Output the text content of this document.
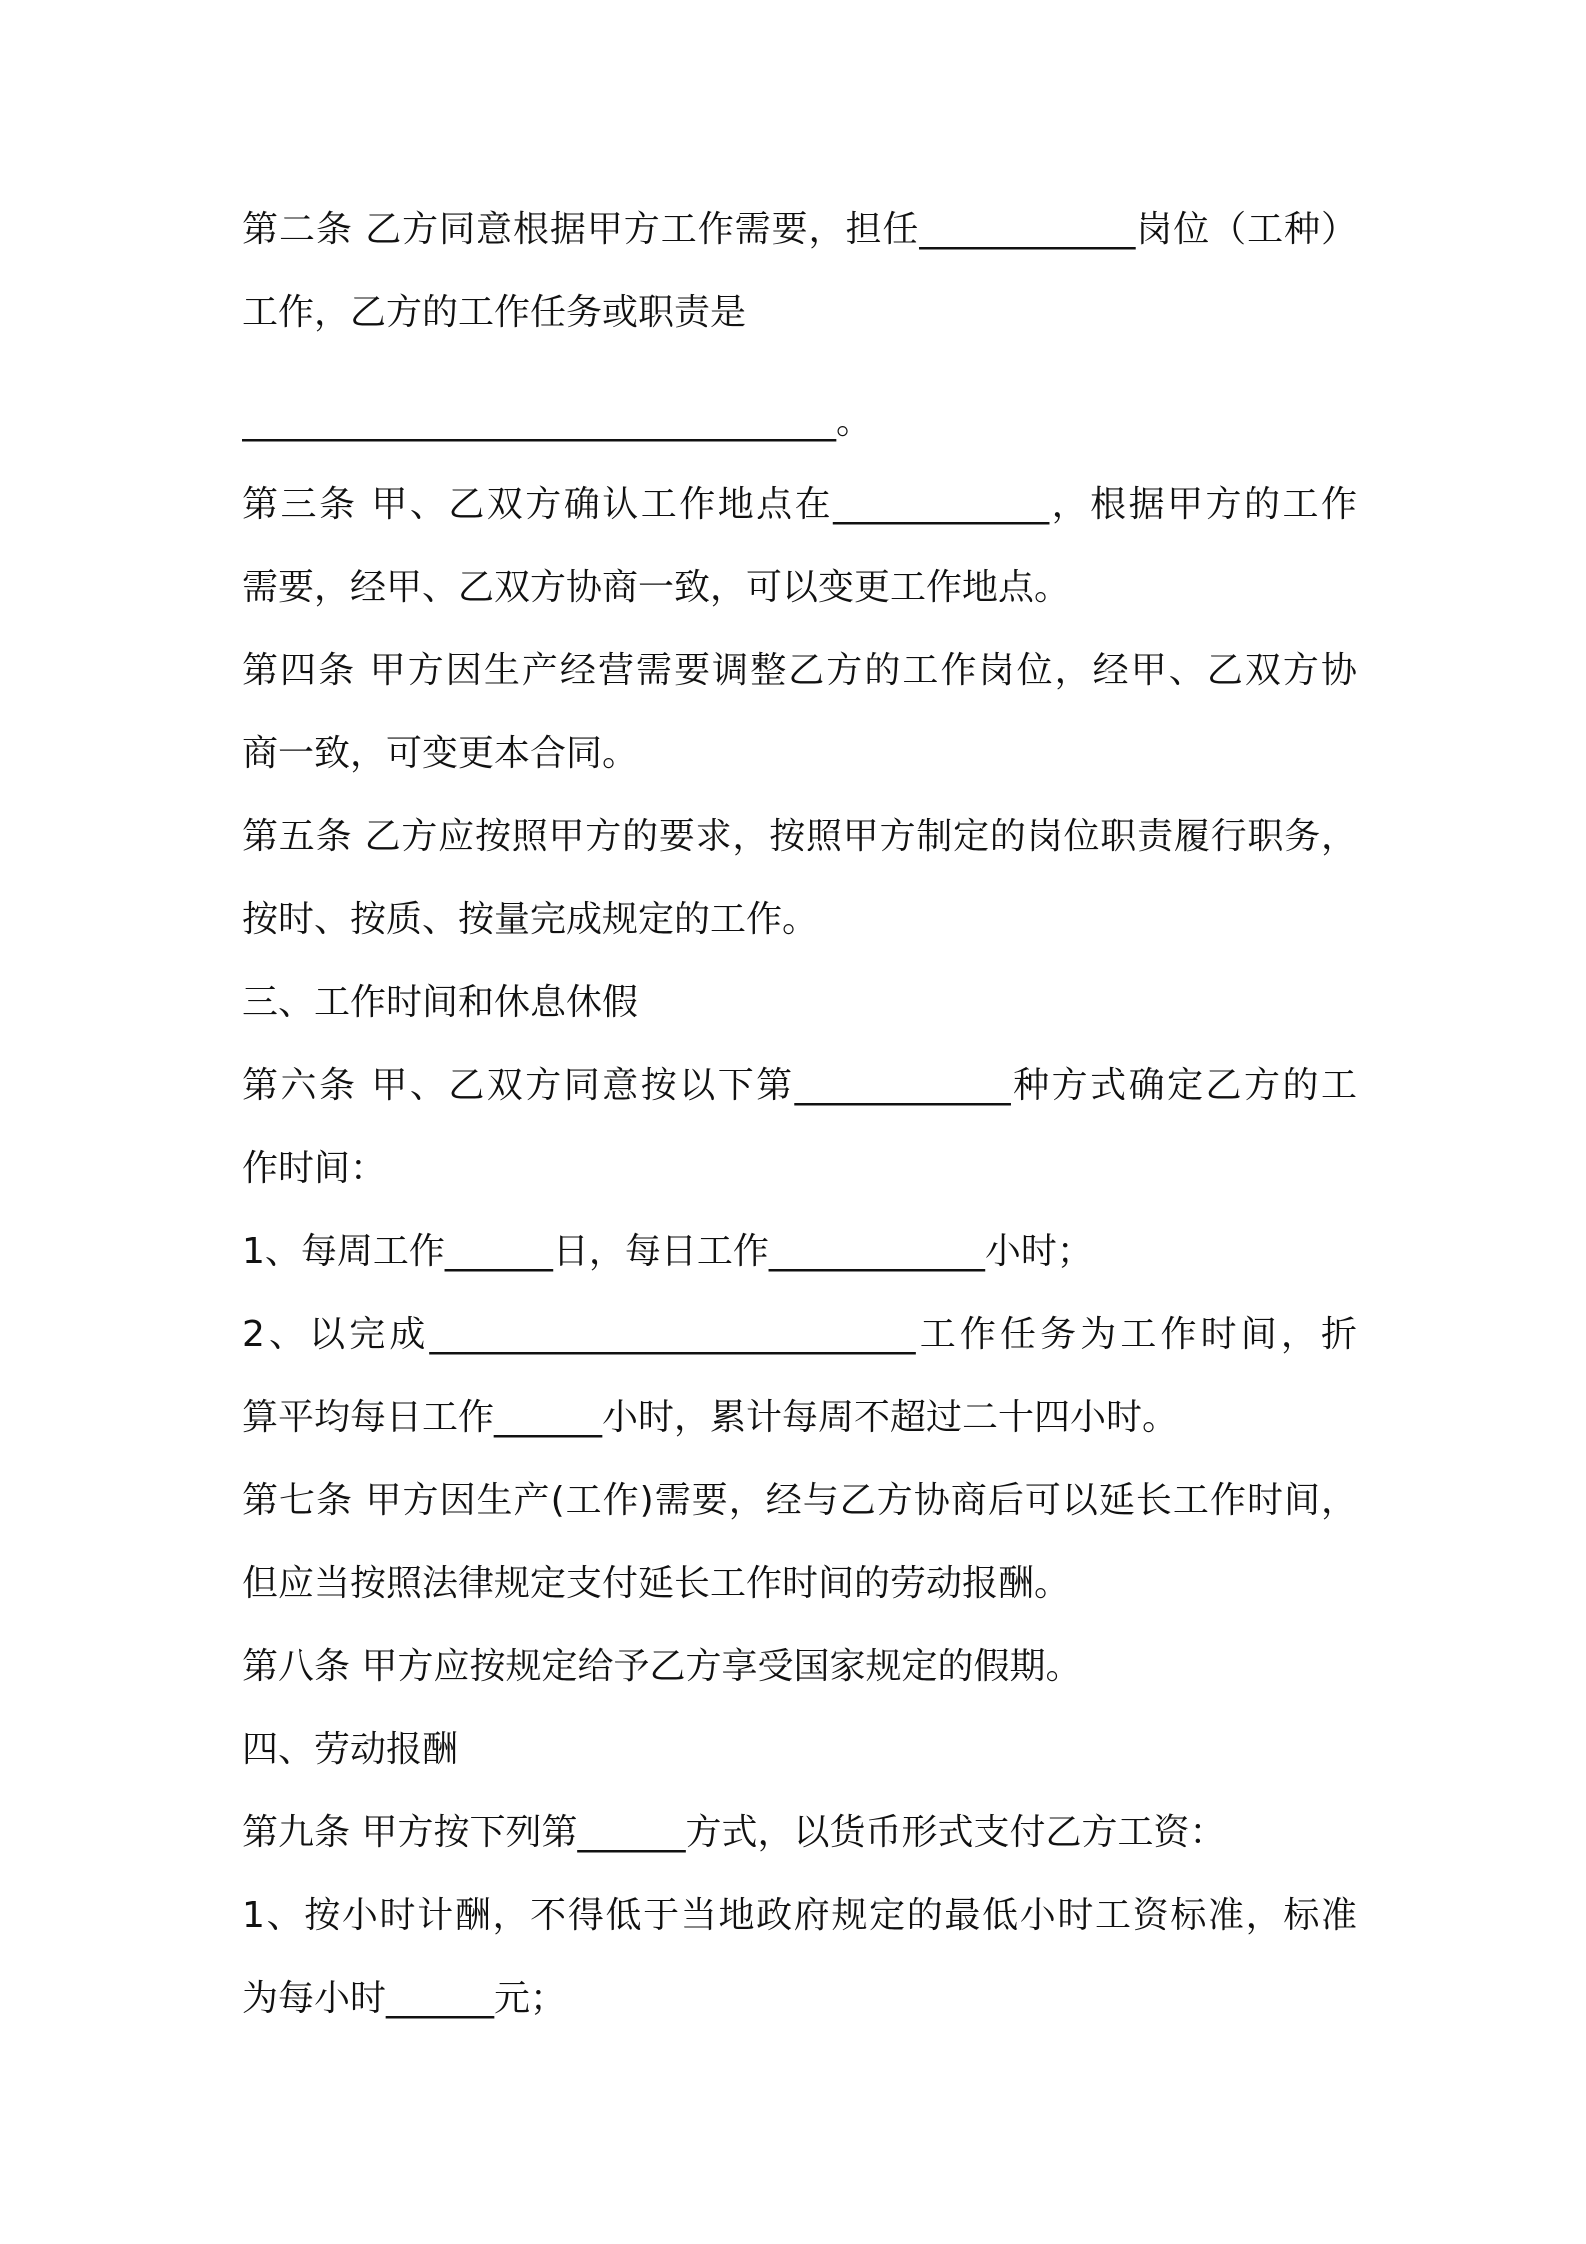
第二条 乙方同意根据甲方工作需要，担任____________岗位（工种）
工作，乙方的工作任务或职责是
_________________________________。
第三条 甲、乙双方确认工作地点在____________，根据甲方的工作
需要，经甲、乙双方协商一致，可以变更工作地点。
第四条 甲方因生产经营需要调整乙方的工作岗位，经甲、乙双方协
商一致，可变更本合同。
第五条 乙方应按照甲方的要求，按照甲方制定的岗位职责履行职务，
按时、按质、按量完成规定的工作。
三、工作时间和休息休假
第六条 甲、乙双方同意按以下第____________种方式确定乙方的工
作时间：
1、每周工作______日，每日工作____________小时；
2、以完成___________________________工作任务为工作时间，折
算平均每日工作______小时，累计每周不超过二十四小时。
第七条 甲方因生产(工作)需要，经与乙方协商后可以延长工作时间，
但应当按照法律规定支付延长工作时间的劳动报酬。
第八条 甲方应按规定给予乙方享受国家规定的假期。
四、劳动报酬
第九条 甲方按下列第______方式，以货币形式支付乙方工资：
1、按小时计酬，不得低于当地政府规定的最低小时工资标准，标准
为每小时______元；
